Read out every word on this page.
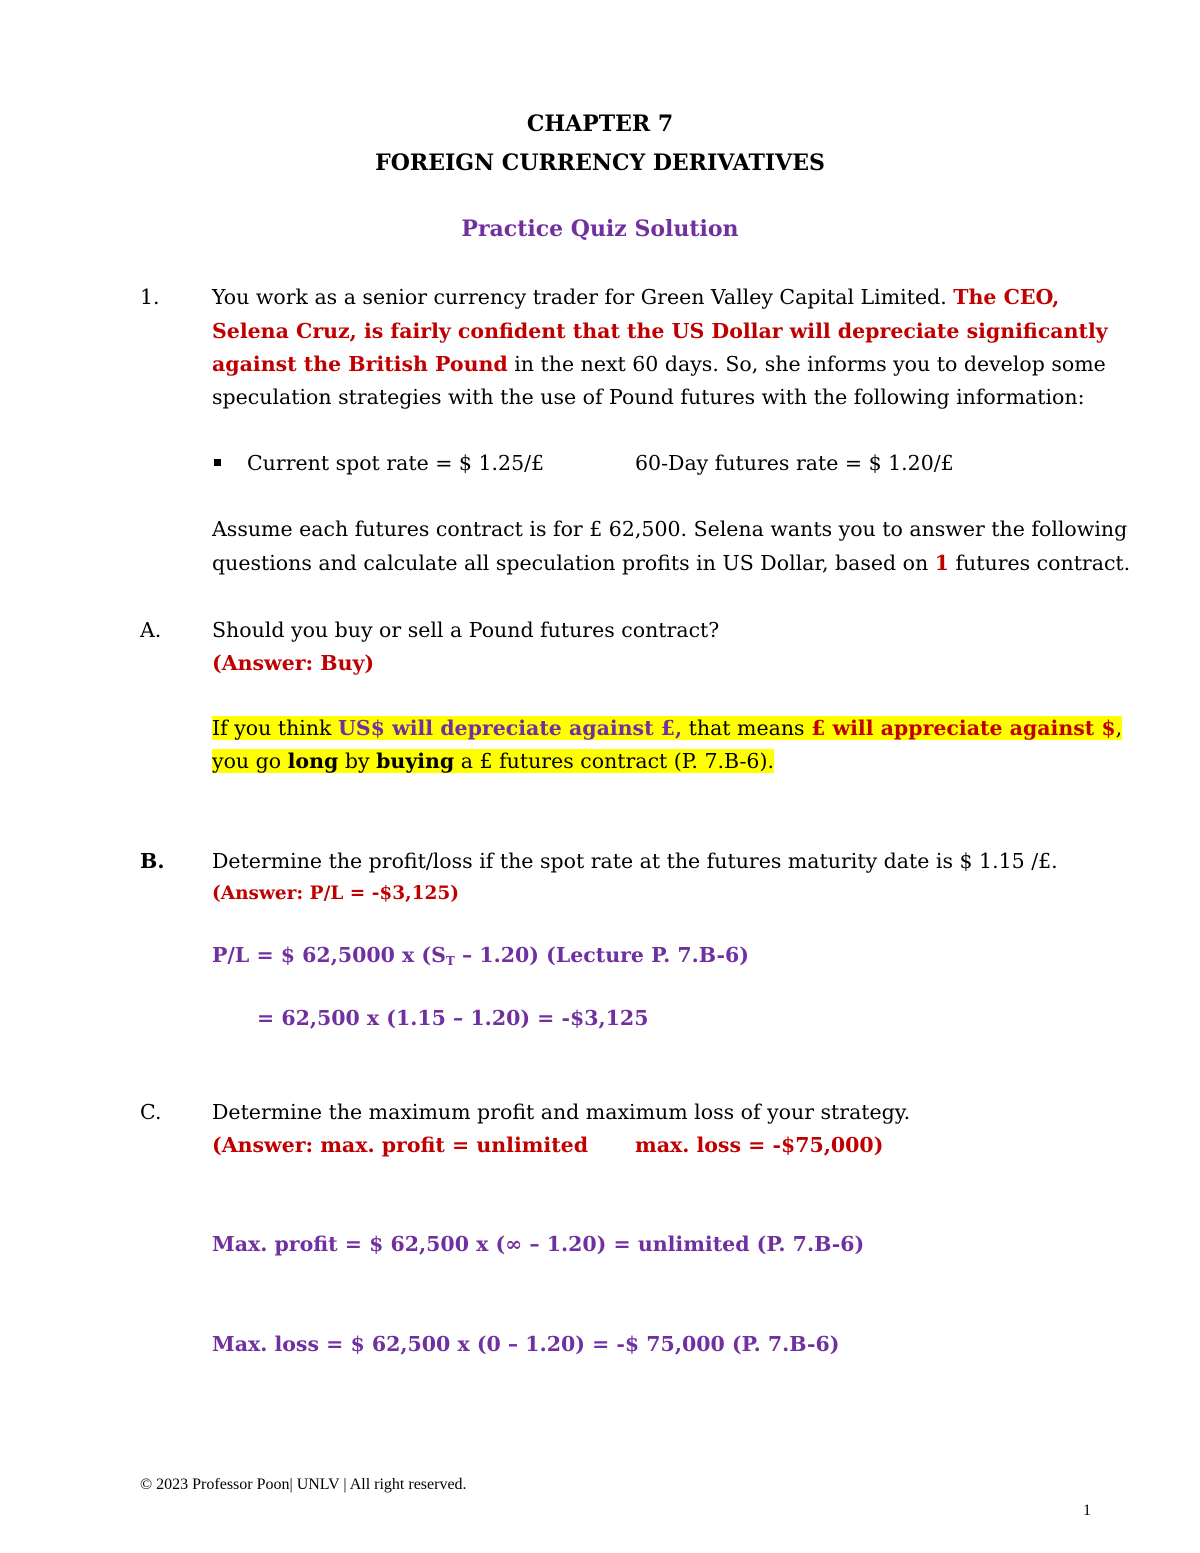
CHAPTER 7
FOREIGN CURRENCY DERIVATIVES
Practice Quiz Solution
1.	You work as a senior currency trader for Green Valley Capital Limited. The CEO,
Selena Cruz, is fairly confident that the US Dollar will depreciate significantly
against the British Pound in the next 60 days. So, she informs you to develop some
speculation strategies with the use of Pound futures with the following information:
Current spot rate = $ 1.25/£	60-Day futures rate = $ 1.20/£
Assume each futures contract is for £ 62,500. Selena wants you to answer the following
questions and calculate all speculation profits in US Dollar, based on 1 futures contract.
A. Should you buy or sell a Pound futures contract?
(Answer: Buy)
If you think US$ will depreciate against £, that means £ will appreciate against $,
you go long by buying a £ futures contract (P. 7.B-6).
B. Determine the profit/loss if the spot rate at the futures maturity date is $ 1.15 /£.
(Answer: P/L = -$3,125)
P/L = $ 62,5000 x $(S_T - 1.20)$ (Lecture P. 7.B-6)
= 62,500 x (1.15 – 1.20) = -$3,125
C. Determine the maximum profit and maximum loss of your strategy.
(Answer: max. profit = unlimited max. loss = -$75,000)
Max. profit = $ 62,500 x (∞ – 1.20) = unlimited (P. 7.B-6)
Max. loss = $ 62,500 x (0 – 1.20) = -$ 75,000 (P. 7.B-6)
© 2023 Professor Poon| UNLV | All right reserved.
1
